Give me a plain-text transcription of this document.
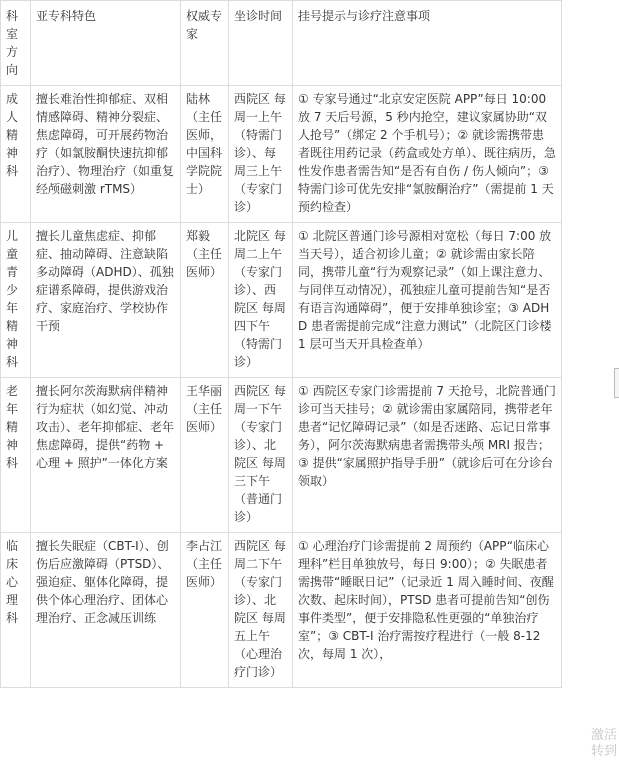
科室方向	亚专科特色	权威专家	坐诊时间	挂号提示与诊疗注意事项
成人精神科	擅长难治性抑郁症、双相情感障碍、精神分裂症、焦虑障碍，可开展药物治疗（如氯胺酮快速抗抑郁治疗）、物理治疗（如重复经颅磁刺激 rTMS）	陆林（主任医师，中国科学院院士）	西院区 每周一上午（特需门诊）、每周三上午（专家门诊）	① 专家号通过“北京安定医院 APP”每日 10:00 放 7 天后号源，5 秒内抢空，建议家属协助“双人抢号”（绑定 2 个手机号）；② 就诊需携带患者既往用药记录（药盒或处方单）、既往病历，急性发作患者需告知“是否有自伤 / 伤人倾向”；③ 特需门诊可优先安排“氯胺酮治疗”（需提前 1 天预约检查）
儿童青少年精神科	擅长儿童焦虑症、抑郁症、抽动障碍、注意缺陷多动障碍（ADHD）、孤独症谱系障碍，提供游戏治疗、家庭治疗、学校协作干预	郑毅（主任医师）	北院区 每周二上午（专家门诊）、西院区 每周四下午（特需门诊）	① 北院区普通门诊号源相对宽松（每日 7:00 放当天号），适合初诊儿童；② 就诊需由家长陪同，携带儿童“行为观察记录”（如上课注意力、与同伴互动情况），孤独症儿童可提前告知“是否有语言沟通障碍”，便于安排单独诊室；③ ADHD 患者需提前完成“注意力测试”（北院区门诊楼 1 层可当天开具检查单）
老年精神科	擅长阿尔茨海默病伴精神行为症状（如幻觉、冲动攻击）、老年抑郁症、老年焦虑障碍，提供“药物 + 心理 + 照护”一体化方案	王华丽（主任医师）	西院区 每周一下午（专家门诊）、北院区 每周三下午（普通门诊）	① 西院区专家门诊需提前 7 天抢号，北院普通门诊可当天挂号；② 就诊需由家属陪同，携带老年患者“记忆障碍记录”（如是否迷路、忘记日常事务），阿尔茨海默病患者需携带头颅 MRI 报告；③ 提供“家属照护指导手册”（就诊后可在分诊台领取）
临床心理科	擅长失眠症（CBT-I）、创伤后应激障碍（PTSD）、强迫症、躯体化障碍，提供个体心理治疗、团体心理治疗、正念减压训练	李占江（主任医师）	西院区 每周二下午（专家门诊）、北院区 每周五上午（心理治疗门诊）	① 心理治疗门诊需提前 2 周预约（APP“临床心理科”栏目单独放号，每日 9:00）；② 失眠患者需携带“睡眠日记”（记录近 1 周入睡时间、夜醒次数、起床时间），PTSD 患者可提前告知“创伤事件类型”，便于安排隐私性更强的“单独治疗室”；③ CBT-I 治疗需按疗程进行（一般 8-12 次，每周 1 次），
激活
转到
